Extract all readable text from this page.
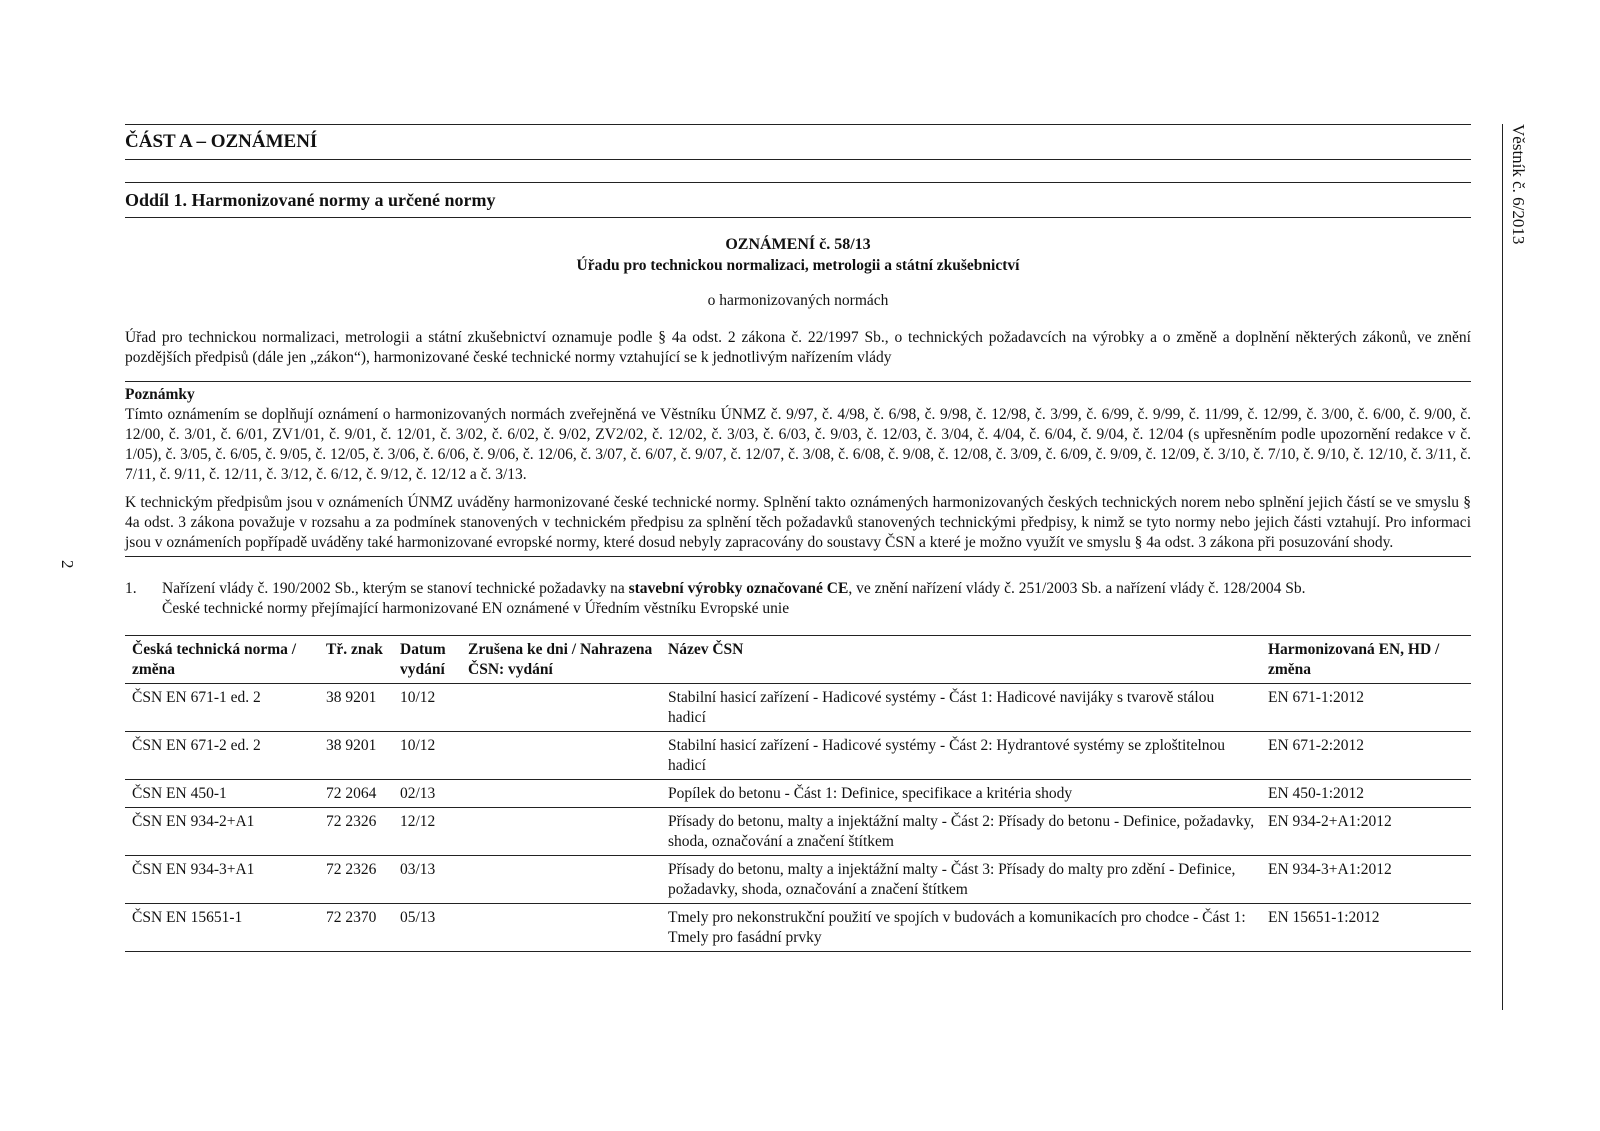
ČÁST A – OZNÁMENÍ
Oddíl 1. Harmonizované normy a určené normy
OZNÁMENÍ č. 58/13
Úřadu pro technickou normalizaci, metrologii a státní zkušebnictví
o harmonizovaných normách
Úřad pro technickou normalizaci, metrologii a státní zkušebnictví oznamuje podle § 4a odst. 2 zákona č. 22/1997 Sb., o technických požadavcích na výrobky a o změně a doplnění některých zákonů, ve znění pozdějších předpisů (dále jen „zákon“), harmonizované české technické normy vztahující se k jednotlivým nařízením vlády
Poznámky
Tímto oznámením se doplňují oznámení o harmonizovaných normách zveřejněná ve Věstníku ÚNMZ č. 9/97, č. 4/98, č. 6/98, č. 9/98, č. 12/98, č. 3/99, č. 6/99, č. 9/99, č. 11/99, č. 12/99, č. 3/00, č. 6/00, č. 9/00, č. 12/00, č. 3/01, č. 6/01, ZV1/01, č. 9/01, č. 12/01, č. 3/02, č. 6/02, č. 9/02, ZV2/02, č. 12/02, č. 3/03, č. 6/03, č. 9/03, č. 12/03, č. 3/04, č. 4/04, č. 6/04, č. 9/04, č. 12/04 (s upřesněním podle upozornění redakce v č. 1/05), č. 3/05, č. 6/05, č. 9/05, č. 12/05, č. 3/06, č. 6/06, č. 9/06, č. 12/06, č. 3/07, č. 6/07, č. 9/07, č. 12/07, č. 3/08, č. 6/08, č. 9/08, č. 12/08, č. 3/09, č. 6/09, č. 9/09, č. 12/09, č. 3/10, č. 7/10, č. 9/10, č. 12/10, č. 3/11, č. 7/11, č. 9/11, č. 12/11, č. 3/12, č. 6/12, č. 9/12, č. 12/12 a č. 3/13.
K technickým předpisům jsou v oznámeních ÚNMZ uváděny harmonizované české technické normy. Splnění takto oznámených harmonizovaných českých technických norem nebo splnění jejich částí se ve smyslu § 4a odst. 3 zákona považuje v rozsahu a za podmínek stanovených v technickém předpisu za splnění těch požadavků stanovených technickými předpisy, k nimž se tyto normy nebo jejich části vztahují. Pro informaci jsou v oznámeních popřípadě uváděny také harmonizované evropské normy, které dosud nebyly zapracovány do soustavy ČSN a které je možno využít ve smyslu § 4a odst. 3 zákona při posuzování shody.
1.	Nařízení vlády č. 190/2002 Sb., kterým se stanoví technické požadavky na stavební výrobky označované CE, ve znění nařízení vlády č. 251/2003 Sb. a nařízení vlády č. 128/2004 Sb.
České technické normy přejímající harmonizované EN oznámené v Úředním věstníku Evropské unie
Česká technická norma / změna	Tř. znak	Datum vydání	Zrušena ke dni / Nahrazena ČSN: vydání	Název ČSN	Harmonizovaná EN, HD / změna
ČSN EN 671-1 ed. 2	38 9201	10/12		Stabilní hasicí zařízení - Hadicové systémy - Část 1: Hadicové navijáky s tvarově stálou hadicí	EN 671-1:2012
ČSN EN 671-2 ed. 2	38 9201	10/12		Stabilní hasicí zařízení - Hadicové systémy - Část 2: Hydrantové systémy se zploštitelnou hadicí	EN 671-2:2012
ČSN EN 450-1	72 2064	02/13		Popílek do betonu - Část 1: Definice, specifikace a kritéria shody	EN 450-1:2012
ČSN EN 934-2+A1	72 2326	12/12		Přísady do betonu, malty a injektážní malty - Část 2: Přísady do betonu - Definice, požadavky, shoda, označování a značení štítkem	EN 934-2+A1:2012
ČSN EN 934-3+A1	72 2326	03/13		Přísady do betonu, malty a injektážní malty - Část 3: Přísady do malty pro zdění - Definice, požadavky, shoda, označování a značení štítkem	EN 934-3+A1:2012
ČSN EN 15651-1	72 2370	05/13		Tmely pro nekonstrukční použití ve spojích v budovách a komunikacích pro chodce - Část 1: Tmely pro fasádní prvky	EN 15651-1:2012
Věstník č. 6/2013
2
